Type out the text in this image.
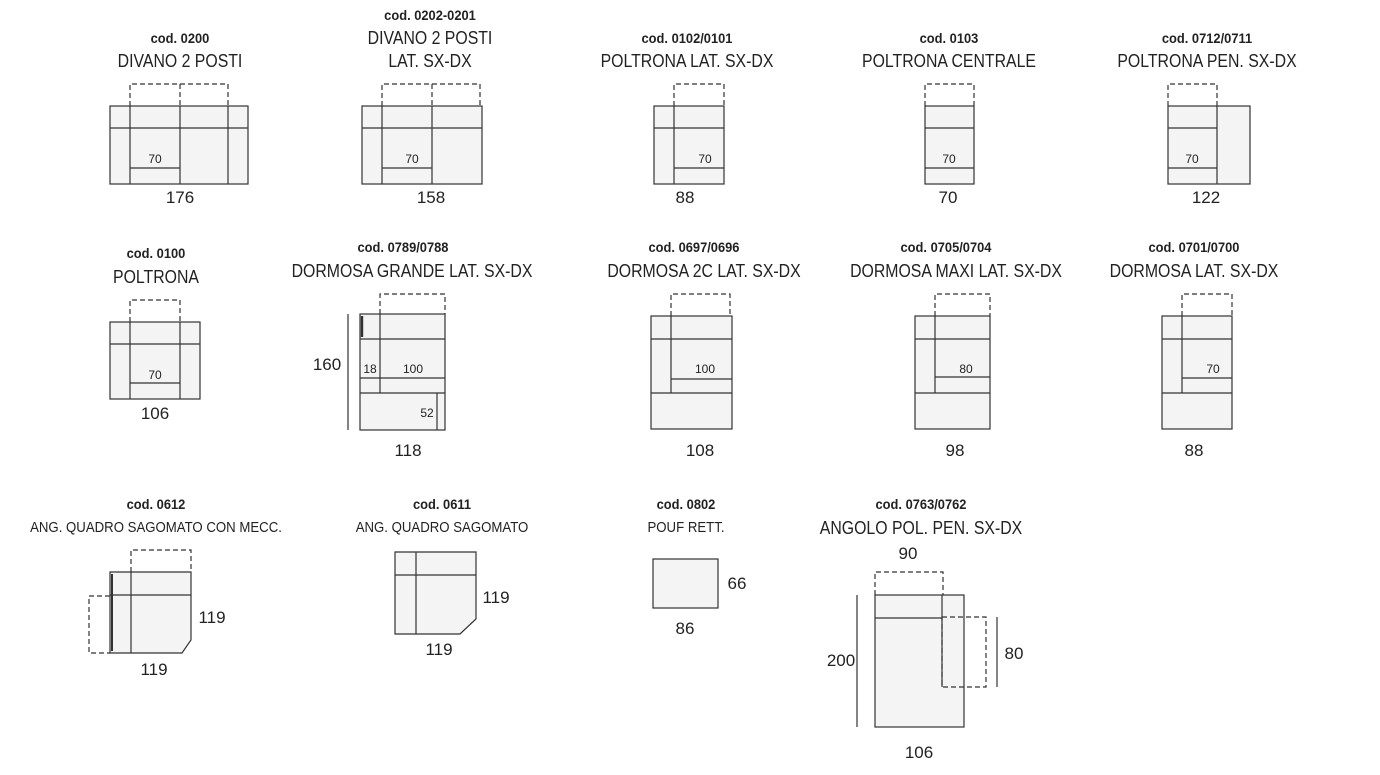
cod. 0200
DIVANO 2 POSTI
176
70
cod. 0202-0201
DIVANO 2 POSTI
LAT. SX-DX
158
70
cod. 0102/0101
POLTRONA LAT. SX-DX
88
70
cod. 0103
POLTRONA CENTRALE
70
70
cod. 0712/0711
POLTRONA PEN. SX-DX
122
70
cod. 0100
POLTRONA
106
70
cod. 0789/0788
DORMOSA GRANDE LAT. SX-DX
118
160	18	100
52
cod. 0697/0696
DORMOSA 2C LAT. SX-DX
108
100
cod. 0705/0704
DORMOSA MAXI LAT. SX-DX
98
80
cod. 0701/0700
DORMOSA LAT. SX-DX
88
70
cod. 0612
ANG. QUADRO SAGOMATO CON MECC.
119
119
cod. 0611
ANG. QUADRO SAGOMATO
119
119
cod. 0802
POUF RETT.
86
66
cod. 0763/0762
ANGOLO POL. PEN. SX-DX
106
200
90
80
